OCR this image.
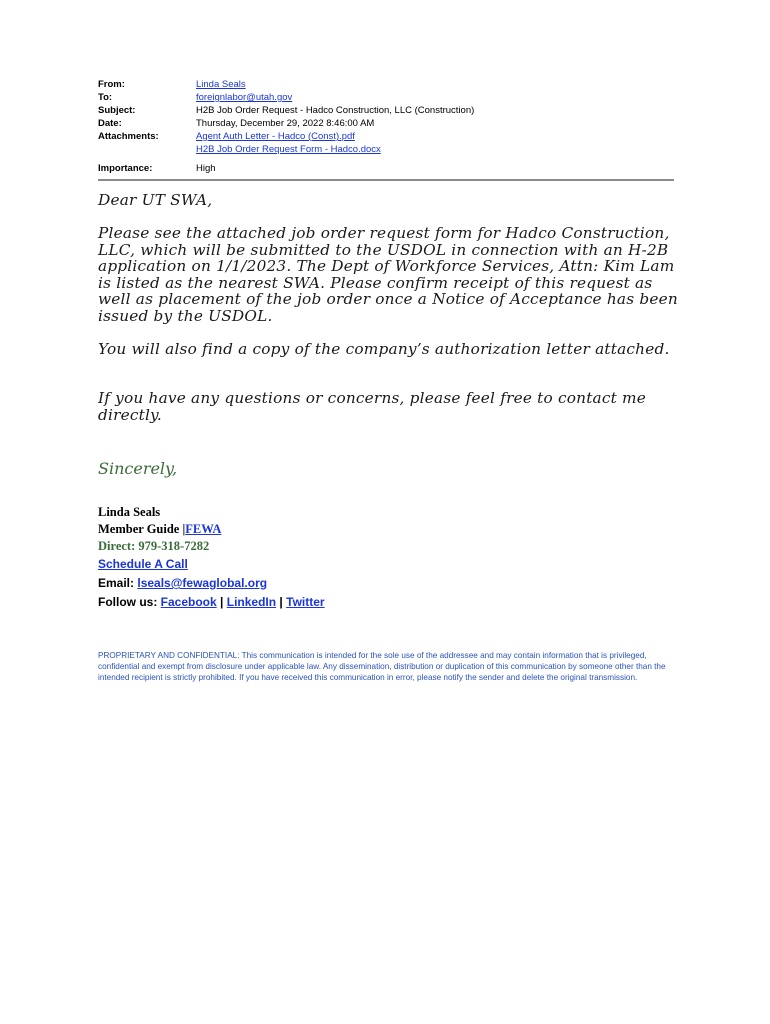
From:	Linda Seals
To:	foreignlabor@utah.gov
Subject:	H2B Job Order Request - Hadco Construction, LLC (Construction)
Date:	Thursday, December 29, 2022 8:46:00 AM
Attachments:	Agent Auth Letter - Hadco (Const).pdf
H2B Job Order Request Form - Hadco.docx
Importance:	High

Dear UT SWA,

Please see the attached job order request form for Hadco Construction, LLC, which will be submitted to the USDOL in connection with an H-2B application on 1/1/2023. The Dept of Workforce Services, Attn: Kim Lam is listed as the nearest SWA. Please confirm receipt of this request as well as placement of the job order once a Notice of Acceptance has been issued by the USDOL.

You will also find a copy of the company’s authorization letter attached.

If you have any questions or concerns, please feel free to contact me directly.

Sincerely,

Linda Seals
Member Guide |FEWA
Direct: 979-318-7282
Schedule A Call
Email: lseals@fewaglobal.org
Follow us: Facebook | LinkedIn | Twitter

PROPRIETARY AND CONFIDENTIAL: This communication is intended for the sole use of the addressee and may contain information that is privileged, confidential and exempt from disclosure under applicable law. Any dissemination, distribution or duplication of this communication by someone other than the intended recipient is strictly prohibited. If you have received this communication in error, please notify the sender and delete the original transmission.
